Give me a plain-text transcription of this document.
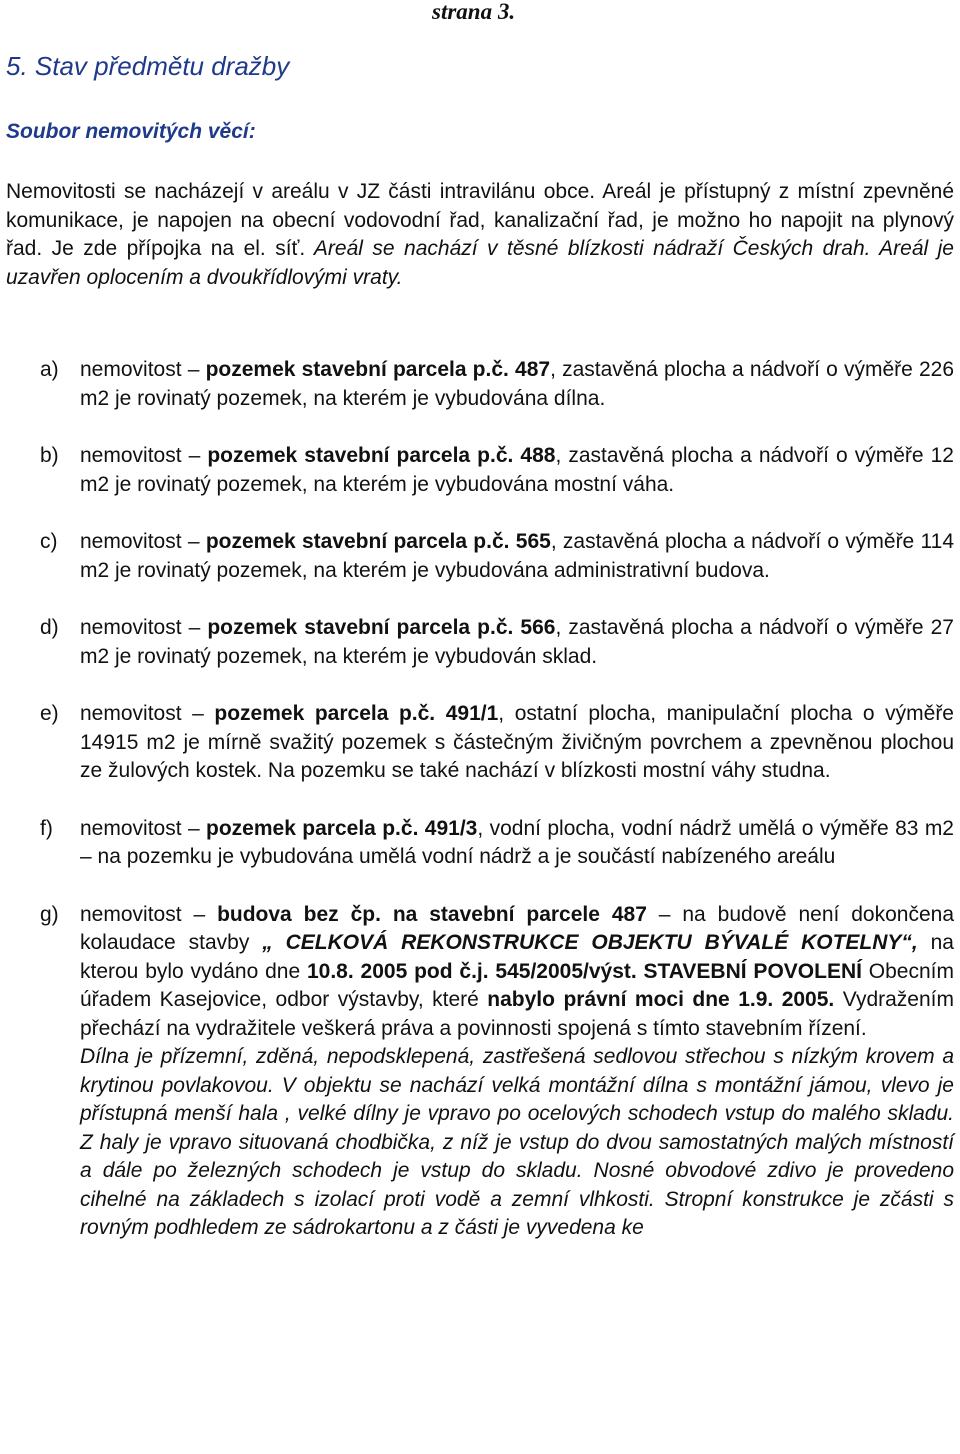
strana 3.
5. Stav předmětu dražby
Soubor nemovitých věcí:

Nemovitosti se nacházejí v areálu v JZ části intravilánu obce. Areál je přístupný z místní zpevněné komunikace, je napojen na obecní vodovodní řad, kanalizační řad, je možno ho napojit na plynový řad. Je zde přípojka na el. síť. Areál se nachází v těsné blízkosti nádraží Českých drah. Areál je uzavřen oplocením a dvoukřídlovými vraty.

a) nemovitost – pozemek stavební parcela p.č. 487, zastavěná plocha a nádvoří o výměře 226 m2 je rovinatý pozemek, na kterém je vybudována dílna.

b) nemovitost – pozemek stavební parcela p.č. 488, zastavěná plocha a nádvoří o výměře 12 m2 je rovinatý pozemek, na kterém je vybudována mostní váha.

c) nemovitost – pozemek stavební parcela p.č. 565, zastavěná plocha a nádvoří o výměře 114 m2 je rovinatý pozemek, na kterém je vybudována administrativní budova.

d) nemovitost – pozemek stavební parcela p.č. 566, zastavěná plocha a nádvoří o výměře 27 m2 je rovinatý pozemek, na kterém je vybudován sklad.

e) nemovitost – pozemek parcela p.č. 491/1, ostatní plocha, manipulační plocha o výměře 14915 m2 je mírně svažitý pozemek s částečným živičným povrchem a zpevněnou plochou ze žulových kostek. Na pozemku se také nachází v blízkosti mostní váhy studna.

f) nemovitost – pozemek parcela p.č. 491/3, vodní plocha, vodní nádrž umělá o výměře 83 m2 – na pozemku je vybudována umělá vodní nádrž a je součástí nabízeného areálu

g) nemovitost – budova bez čp. na stavební parcele 487 – na budově není dokončena kolaudace stavby „ CELKOVÁ REKONSTRUKCE OBJEKTU BÝVALÉ KOTELNY“, na kterou bylo vydáno dne 10.8. 2005 pod č.j. 545/2005/výst. STAVEBNÍ POVOLENÍ Obecním úřadem Kasejovice, odbor výstavby, které nabylo právní moci dne 1.9. 2005. Vydražením přechází na vydražitele veškerá práva a povinnosti spojená s tímto stavebním řízení.

Dílna je přízemní, zděná, nepodsklepená, zastřešená sedlovou střechou s nízkým krovem a krytinou povlakovou. V objektu se nachází velká montážní dílna s montážní jámou, vlevo je přístupná menší hala , velké dílny je vpravo po ocelových schodech vstup do malého skladu. Z haly je vpravo situovaná chodbička, z níž je vstup do dvou samostatných malých místností a dále po železných schodech je vstup do skladu. Nosné obvodové zdivo je provedeno cihelné na základech s izolací proti vodě a zemní vlhkosti. Stropní konstrukce je zčásti s rovným podhledem ze sádrokartonu a z části je vyvedena ke
